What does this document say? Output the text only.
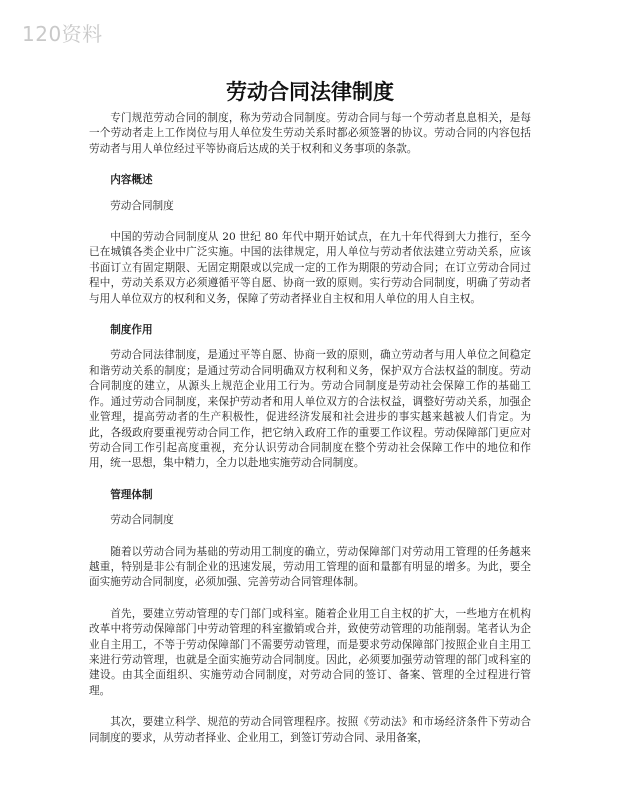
120资料
劳动合同法律制度

专门规范劳动合同的制度，称为劳动合同制度。劳动合同与每一个劳动者息息相关，是每一个劳动者走上工作岗位与用人单位发生劳动关系时都必须签署的协议。劳动合同的内容包括劳动者与用人单位经过平等协商后达成的关于权利和义务事项的条款。

内容概述

劳动合同制度

中国的劳动合同制度从 20 世纪 80 年代中期开始试点，在九十年代得到大力推行，至今已在城镇各类企业中广泛实施。中国的法律规定，用人单位与劳动者依法建立劳动关系，应该书面订立有固定期限、无固定期限或以完成一定的工作为期限的劳动合同；在订立劳动合同过程中，劳动关系双方必须遵循平等自愿、协商一致的原则。实行劳动合同制度，明确了劳动者与用人单位双方的权利和义务，保障了劳动者择业自主权和用人单位的用人自主权。

制度作用

劳动合同法律制度，是通过平等自愿、协商一致的原则，确立劳动者与用人单位之间稳定和谐劳动关系的制度；是通过劳动合同明确双方权利和义务，保护双方合法权益的制度。劳动合同制度的建立，从源头上规范企业用工行为。劳动合同制度是劳动社会保障工作的基础工作。通过劳动合同制度，来保护劳动者和用人单位双方的合法权益，调整好劳动关系，加强企业管理，提高劳动者的生产积极性，促进经济发展和社会进步的事实越来越被人们肯定。为此，各级政府要重视劳动合同工作，把它纳入政府工作的重要工作议程。劳动保障部门更应对劳动合同工作引起高度重视，充分认识劳动合同制度在整个劳动社会保障工作中的地位和作用，统一思想，集中精力，全力以赴地实施劳动合同制度。

管理体制

劳动合同制度

随着以劳动合同为基础的劳动用工制度的确立，劳动保障部门对劳动用工管理的任务越来越重，特别是非公有制企业的迅速发展，劳动用工管理的面和量都有明显的增多。为此，要全面实施劳动合同制度，必须加强、完善劳动合同管理体制。

首先，要建立劳动管理的专门部门或科室。随着企业用工自主权的扩大，一些地方在机构改革中将劳动保障部门中劳动管理的科室撤销或合并，致使劳动管理的功能削弱。笔者认为企业自主用工，不等于劳动保障部门不需要劳动管理，而是要求劳动保障部门按照企业自主用工来进行劳动管理，也就是全面实施劳动合同制度。因此，必须要加强劳动管理的部门或科室的建设。由其全面组织、实施劳动合同制度，对劳动合同的签订、备案、管理的全过程进行管理。

其次，要建立科学、规范的劳动合同管理程序。按照《劳动法》和市场经济条件下劳动合同制度的要求，从劳动者择业、企业用工，到签订劳动合同、录用备案，
